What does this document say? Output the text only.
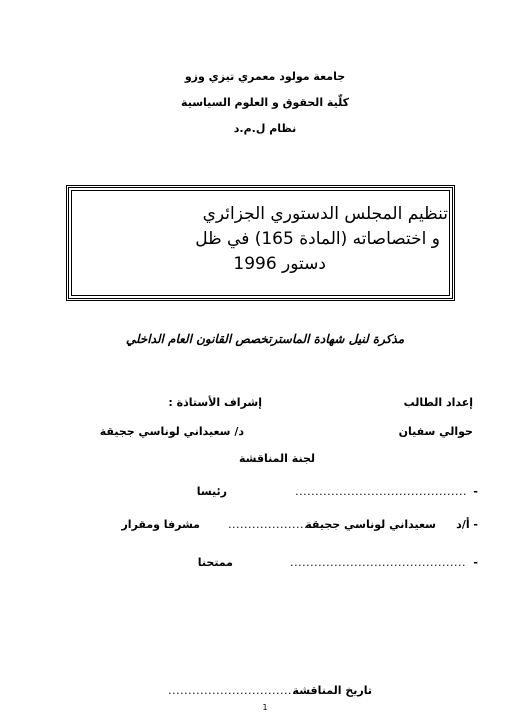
جامعة مولود معمري تيزي وزو
كلّية الحقوق و العلوم السياسية
نظام ل.م.د
تنظيم المجلس الدستوري الجزائري
و اختصاصاته (المادة 165) في ظل
دستور 1996
مذكرة لنيل شهادة الماسترتخصص القانون العام الداخلي
إعداد الطالب
إشراف الأستاذة :
حوالي سفيان
د/ سعيداني لوناسي ججيقة
لجنة المناقشة
-
...........................................
رئيسا
- أ/د
سعيداني لوناسي ججيقة
......................
مشرفا ومقرار
-
............................................
ممتحنا
تاريخ المناقشة
................................
1
